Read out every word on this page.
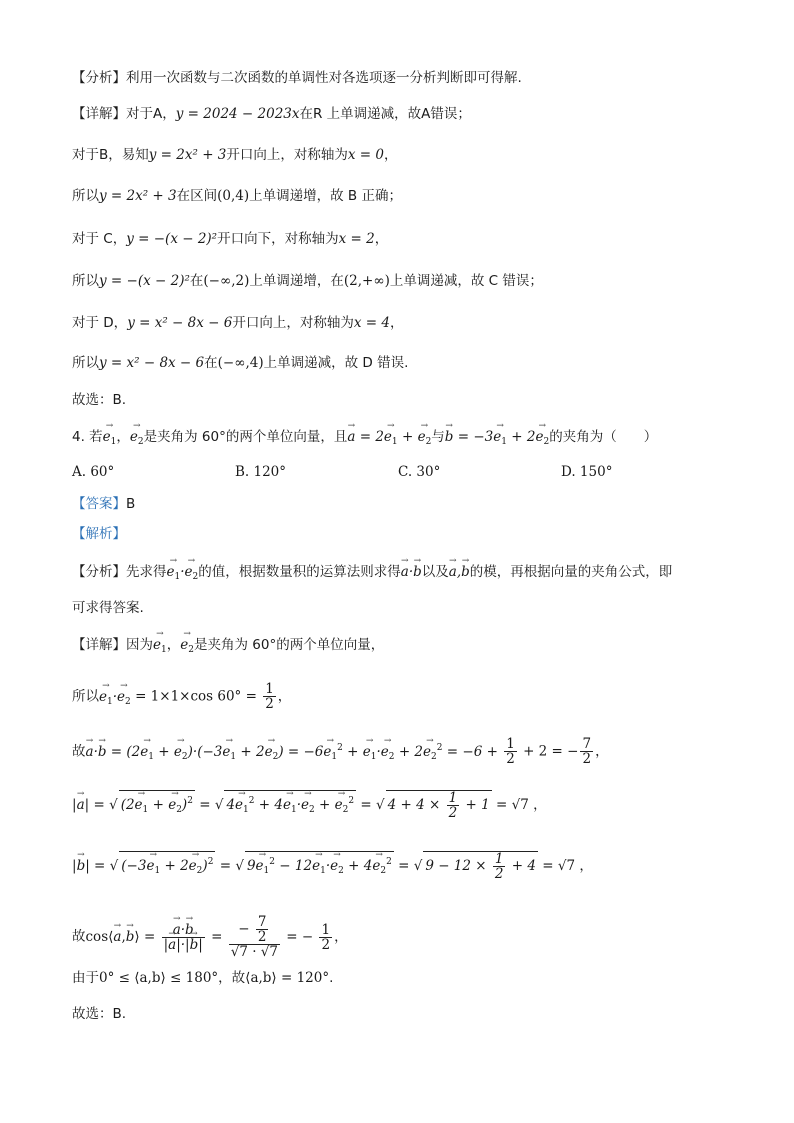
【分析】利用一次函数与二次函数的单调性对各选项逐一分析判断即可得解.
【详解】对于A，y = 2024 − 2023x在R 上单调递减，故A错误；
对于B，易知y = 2x² + 3开口向上，对称轴为x = 0，
所以y = 2x² + 3在区间(0,4)上单调递增，故 B 正确；
对于 C，y = −(x − 2)²开口向下，对称轴为x = 2，
所以y = −(x − 2)²在(−∞,2)上单调递增，在(2,+∞)上单调递减，故 C 错误；
对于 D，y = x² − 8x − 6开口向上，对称轴为x = 4，
所以y = x² − 8x − 6在(−∞,4)上单调递减，故 D 错误.
故选：B.
4. 若→ $e_1$，→ $e_2$是夹角为 60°的两个单位向量，且→ $a = 2\to e_1$ + → $e_2$与→ $b = -3\to e_1 + 2\to e_2$的夹角为（　　）
A. 60°	B. 120°	C. 30°	D. 150°
【答案】B
【解析】
【分析】先求得→ $e_1\cdot\to e_2$的值，根据数量积的运算法则求得→ a·→ b以及→ a,→ b的模，再根据向量的夹角公式，即
可求得答案.
【详解】因为→ $e_1$，→ $e_2$是夹角为 60°的两个单位向量，
所以→ $e_1\cdot\to e_2 = 1\times 1\times\cos$ $60^\circ = \frac{1}{2}$ ，
故→ $a\cdot\to b = (2\to e_1$ + → $e_2)\cdot(-3\to e_1 + 2\to e_2) = -6\to e_1^2$ + → $e_1\cdot\to e_2 + 2\to e_2^2 = -6 + \frac{1}{2} + 2$ = − $\frac{7}{2}$ ，
|→ a| = √ ($2\to e_1$ + → $e_2)^2$ = √ $4\to e_1^2 + 4\to e_1\cdot\to e_2$ + → $e_2^2$ = √ $4 + 4 \times \frac{1}{2} + 1 = √7$ ，
|→ b| = √ $(-3\to e_1 + 2\to e_2)^2$ = √ $9\to e_1^2 - 12\to e_1\cdot\to e_2 + 4\to e_2^2$ = √ $9 - 12 \times \frac{1}{2} + 4 = √7$ ，
故cos⟨→ a,→ b⟩ =
→ $\frac{a\cdot\to b}{|\to a|\cdot|\to b|} = \frac{- \frac{7}{2}}{√7 \cdot √7}$ = − $\frac{1}{2}$ ，
由于0° ≤ ⟨a,b⟩ ≤ 180°，故⟨a,b⟩ = 120°.
故选：B.
